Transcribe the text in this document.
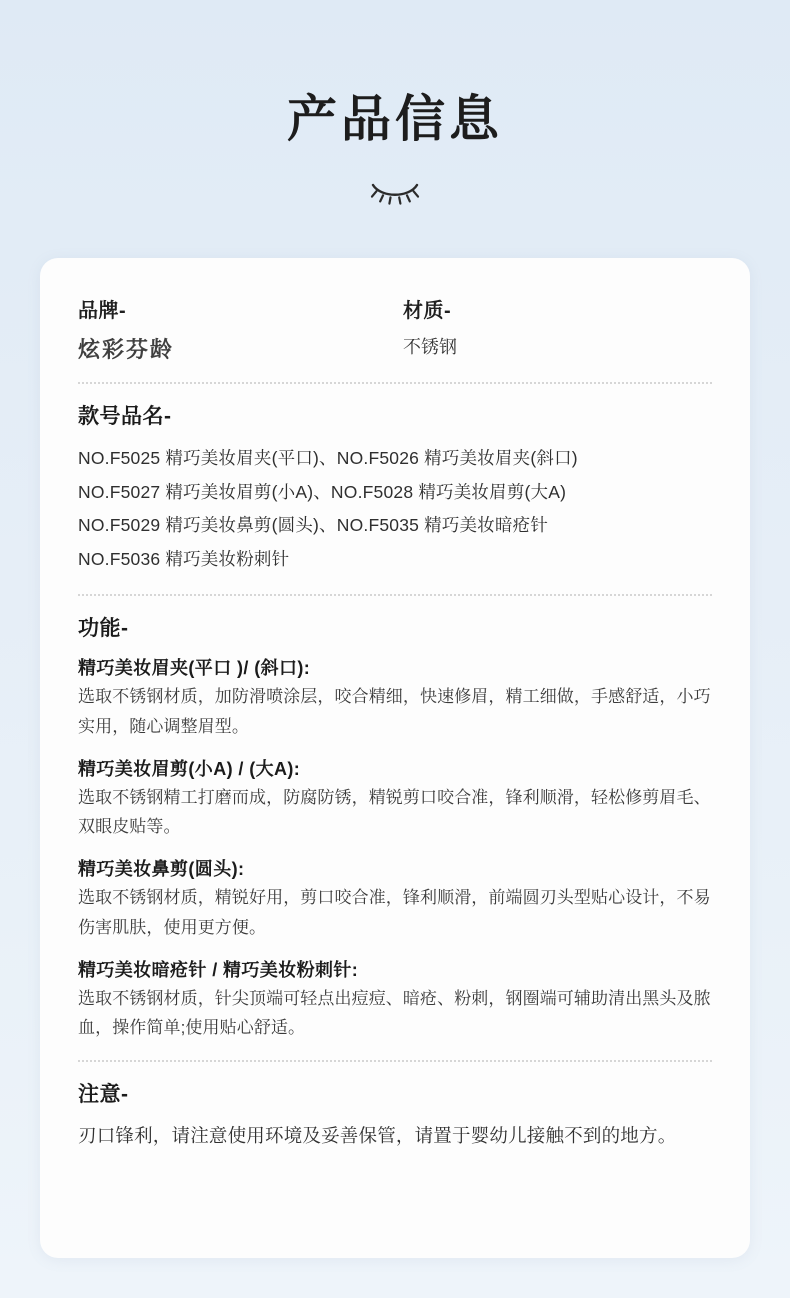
产品信息

品牌-

炫彩芬龄

材质-

不锈钢

款号品名-

NO.F5025 精巧美妆眉夹(平口)、NO.F5026 精巧美妆眉夹(斜口)

NO.F5027 精巧美妆眉剪(小A)、NO.F5028 精巧美妆眉剪(大A)

NO.F5029 精巧美妆鼻剪(圆头)、NO.F5035 精巧美妆暗疮针

NO.F5036 精巧美妆粉刺针

功能-

精巧美妆眉夹(平口 )/ (斜口):

选取不锈钢材质，加防滑喷涂层，咬合精细，快速修眉，精工细做，手感舒适，小巧实用，随心调整眉型。

精巧美妆眉剪(小A) / (大A):

选取不锈钢精工打磨而成，防腐防锈，精锐剪口咬合准，锋利顺滑，轻松修剪眉毛、双眼皮贴等。

精巧美妆鼻剪(圆头):

选取不锈钢材质，精锐好用，剪口咬合准，锋利顺滑，前端圆刃头型贴心设计，不易伤害肌肤，使用更方便。

精巧美妆暗疮针 / 精巧美妆粉刺针:

选取不锈钢材质，针尖顶端可轻点出痘痘、暗疮、粉刺，钢圈端可辅助清出黑头及脓血，操作简单;使用贴心舒适。

注意-

刃口锋利，请注意使用环境及妥善保管，请置于婴幼儿接触不到的地方。
